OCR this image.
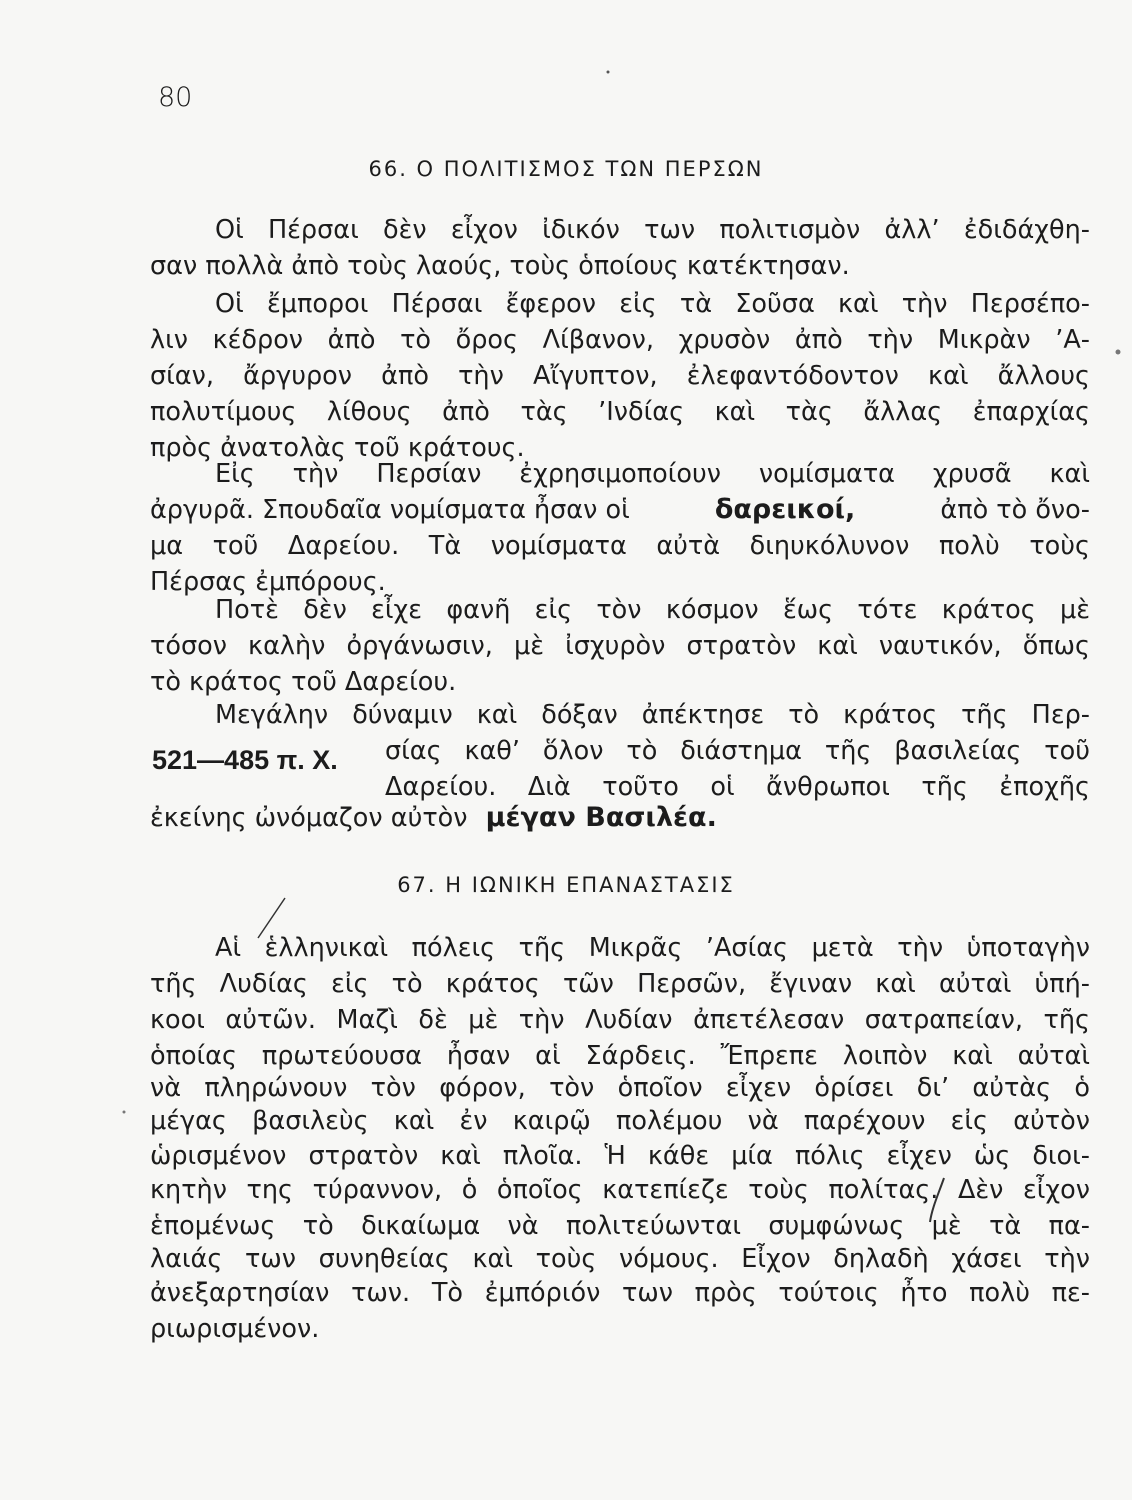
80
66. Ο ΠΟΛΙΤΙΣΜΟΣ ΤΩΝ ΠΕΡΣΩΝ
Οἱ Πέρσαι δὲν εἶχον ἰδικόν των πολιτισμὸν ἀλλ’ ἐδιδάχθη-
σαν πολλὰ ἀπὸ τοὺς λαούς, τοὺς ὁποίους κατέκτησαν.
Οἱ ἔμποροι Πέρσαι ἔφερον εἰς τὰ Σοῦσα καὶ τὴν Περσέπο-
λιν κέδρον ἀπὸ τὸ ὄρος Λίβανον, χρυσὸν ἀπὸ τὴν Μικρὰν ’Α-
σίαν, ἄργυρον ἀπὸ τὴν Αἴγυπτον, ἐλεφαντόδοντον καὶ ἄλλους
πολυτίμους λίθους ἀπὸ τὰς ’Ινδίας καὶ τὰς ἄλλας ἐπαρχίας
πρὸς ἀνατολὰς τοῦ κράτους.
Εἰς τὴν Περσίαν ἐχρησιμοποίουν νομίσματα χρυσᾶ καὶ
ἀργυρᾶ. Σπουδαῖα νομίσματα ἦσαν οἱ	δαρεικοί,	ἀπὸ τὸ ὄνο-
μα τοῦ Δαρείου. Τὰ νομίσματα αὐτὰ διηυκόλυνον πολὺ τοὺς
Πέρσας ἐμπόρους.
Ποτὲ δὲν εἶχε φανῆ εἰς τὸν κόσμον ἕως τότε κράτος μὲ
τόσον καλὴν ὀργάνωσιν, μὲ ἰσχυρὸν στρατὸν καὶ ναυτικόν, ὅπως
τὸ κράτος τοῦ Δαρείου.
Μεγάλην δύναμιν καὶ δόξαν ἀπέκτησε τὸ κράτος τῆς Περ-
σίας καθ’ ὅλον τὸ διάστημα τῆς βασιλείας τοῦ
521—485 π. Χ.
Δαρείου. Διὰ τοῦτο οἱ ἄνθρωποι τῆς ἐποχῆς
ἐκείνης ὠνόμαζον αὐτὸν μέγαν Βασιλέα.
67. Η ΙΩΝΙΚΗ ΕΠΑΝΑΣΤΑΣΙΣ
Αἱ ἑλληνικαὶ πόλεις τῆς Μικρᾶς ’Ασίας μετὰ τὴν ὑποταγὴν
τῆς Λυδίας εἰς τὸ κράτος τῶν Περσῶν, ἔγιναν καὶ αὐταὶ ὑπή-
κοοι αὐτῶν. Μαζὶ δὲ μὲ τὴν Λυδίαν ἀπετέλεσαν σατραπείαν, τῆς
ὁποίας πρωτεύουσα ἦσαν αἱ Σάρδεις. Ἔπρεπε λοιπὸν καὶ αὐταὶ
νὰ πληρώνουν τὸν φόρον, τὸν ὁποῖον εἶχεν ὁρίσει δι’ αὐτὰς ὁ
μέγας βασιλεὺς καὶ ἐν καιρῷ πολέμου νὰ παρέχουν εἰς αὐτὸν
ὡρισμένον στρατὸν καὶ πλοῖα. Ἡ κάθε μία πόλις εἶχεν ὡς διοι-
κητὴν της τύραννον, ὁ ὁποῖος κατεπίεζε τοὺς πολίτας. Δὲν εἶχον
ἑπομένως τὸ δικαίωμα νὰ πολιτεύωνται συμφώνως μὲ τὰ πα-
λαιάς των συνηθείας καὶ τοὺς νόμους. Εἶχον δηλαδὴ χάσει τὴν
ἀνεξαρτησίαν των. Τὸ ἐμπόριόν των πρὸς τούτοις ἦτο πολὺ πε-
ριωρισμένον.
